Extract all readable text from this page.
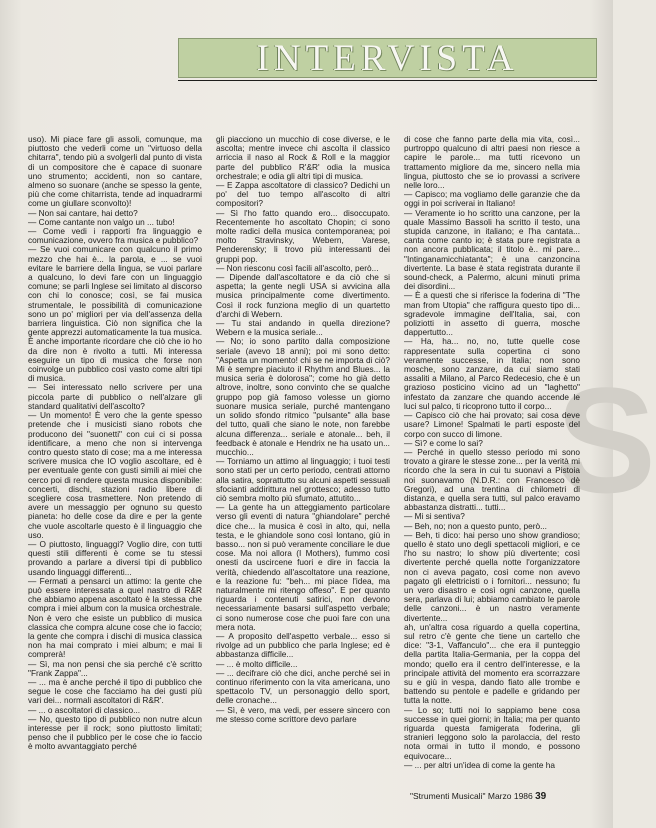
INTERVISTA
S

uso). Mi piace fare gli assoli, comunque, ma piuttosto che vederli come un "virtuoso della chitarra", tendo più a svolgerli dal punto di vista di un compositore che è capace di suonare uno strumento; accidenti, non so cantare, almeno so suonare (anche se spesso la gente, più che come chitarrista, tende ad inquadrarmi come un giullare sconvolto)!

— Non sai cantare, hai detto?

— Come cantante non valgo un ... tubo!

— Come vedi i rapporti fra linguaggio e comunicazione, ovvero fra musica e pubblico?

— Se vuoi comunicare con qualcuno il primo mezzo che hai è... la parola, e ... se vuoi evitare le barriere della lingua, se vuoi parlare a qualcuno, lo devi fare con un linguaggio comune; se parli Inglese sei limitato al discorso con chi lo conosce; così, se fai musica strumentale, le possibilità di comunicazione sono un po' migliori per via dell'assenza della barriera linguistica. Ciò non significa che la gente apprezzi automaticamente la tua musica. È anche importante ricordare che ciò che io ho da dire non è rivolto a tutti. Mi interessa eseguire un tipo di musica che forse non coinvolge un pubblico così vasto come altri tipi di musica.

— Sei interessato nello scrivere per una piccola parte di pubblico o nell'alzare gli standard qualitativi dell'ascolto?

— Un momento! È vero che la gente spesso pretende che i musicisti siano robots che producono dei "suonetti" con cui ci si possa identificare, a meno che non si intervenga contro questo stato di cose; ma a me interessa scrivere musica che IO voglio ascoltare, ed è per eventuale gente con gusti simili ai miei che cerco poi di rendere questa musica disponibile: concerti, dischi, stazioni radio libere di scegliere cosa trasmettere. Non pretendo di avere un messaggio per ognuno su questo pianeta: ho delle cose da dire e per la gente che vuole ascoltarle questo è il linguaggio che uso.

— O piuttosto, linguaggi? Voglio dire, con tutti questi stili differenti è come se tu stessi provando a parlare a diversi tipi di pubblico usando linguaggi differenti...

— Fermati a pensarci un attimo: la gente che può essere interessata a quel nastro di R&R che abbiamo appena ascoltato è la stessa che compra i miei album con la musica orchestrale. Non è vero che esiste un pubblico di musica classica che compra alcune cose che io faccio; la gente che compra i dischi di musica classica non ha mai comprato i miei album; e mai li comprerà!

— Sì, ma non pensi che sia perché c'è scritto "Frank Zappa"...

— ... ma è anche perché il tipo di pubblico che segue le cose che facciamo ha dei gusti più vari dei... normali ascoltatori di R&R'.

— ... o ascoltatori di classico...

— No, questo tipo di pubblico non nutre alcun interesse per il rock; sono piuttosto limitati; penso che il pubblico per le cose che io faccio è molto avvantaggiato perché

gli piacciono un mucchio di cose diverse, e le ascolta; mentre invece chi ascolta il classico arriccia il naso al Rock & Roll e la maggior parte del pubblico R'&R' odia la musica orchestrale; e odia gli altri tipi di musica.

— E Zappa ascoltatore di classico? Dedichi un po' del tuo tempo all'ascolto di altri compositori?

— Sì l'ho fatto quando ero... disoccupato. Recentemente ho ascoltato Chopin; ci sono molte radici della musica contemporanea; poi molto Stravinsky, Webern, Varese, Penderensky; li trovo più interessanti dei gruppi pop.

— Non riesconu così facili all'ascolto, però...

— Dipende dall'ascoltatore e da ciò che si aspetta; la gente negli USA si avvicina alla musica principalmente come divertimento. Così il rock funziona meglio di un quartetto d'archi di Webern.

— Tu stai andando in quella direzione? Webern e la musica seriale...

— No; io sono partito dalla composizione seriale (avevo 18 anni); poi mi sono detto: "Aspetta un momento! chi se ne importa di ciò? Mi è sempre piaciuto il Rhythm and Blues... la musica seria è dolorosa"; come ho già detto altrove, inoltre, sono convinto che se qualche gruppo pop già famoso volesse un giorno suonare musica seriale, purché mantengano un solido sfondo ritmico "pulsante" alla base del tutto, quali che siano le note, non farebbe alcuna differenza... seriale e atonale... beh, il feedback è atonale e Hendrix ne ha usato un... mucchio...

— Torniamo un attimo al linguaggio; i tuoi testi sono stati per un certo periodo, centrati attorno alla satira, soprattutto su alcuni aspetti sessuali sfocianti addirittura nel grottesco; adesso tutto ciò sembra molto più sfumato, attutito...

— La gente ha un atteggiamento particolare verso gli eventi di natura "ghiandolare" perché dice che... la musica è così in alto, qui, nella testa, e le ghiandole sono così lontano, giù in basso... non si può veramente conciliare le due cose. Ma noi allora (I Mothers), fummo così onesti da uscircene fuori e dire in faccia la verità, chiedendo all'ascoltatore una reazione, e la reazione fu: "beh... mi piace l'idea, ma naturalmente mi ritengo offeso". E per quanto riguarda i contenuti satirici, non devono necessariamente basarsi sull'aspetto verbale; ci sono numerose cose che puoi fare con una mera nota.

— A proposito dell'aspetto verbale... esso si rivolge ad un pubblico che parla Inglese; ed è abbastanza difficile...

— ... è molto difficile...

— ... decifrare ciò che dici, anche perché sei in continuo riferimento con la vita americana, uno spettacolo TV, un personaggio dello sport, delle cronache...

— Sì, è vero, ma vedi, per essere sincero con me stesso come scrittore devo parlare

di cose che fanno parte della mia vita, così... purtroppo qualcuno di altri paesi non riesce a capire le parole... ma tutti ricevono un trattamento migliore da me, sincero nella mia lingua, piuttosto che se io provassi a scrivere nelle loro...

— Capisco; ma vogliamo delle garanzie che da oggi in poi scriverai in Italiano!

— Veramente io ho scritto una canzone, per la quale Massimo Bassoli ha scritto il testo, una stupida canzone, in italiano; e l'ha cantata... canta come canto io; è stata pure registrata a non ancora pubblicata; il titolo è.. mi pare... "Intinganamicchiatanta"; è una canzoncina divertente. La base è stata registrata durante il sound-check, a Palermo, alcuni minuti prima dei disordini...

— È a questi che si riferisce la foderina di "The man from Utopia" che raffigura questo tipo di... sgradevole immagine dell'Italia, sai, con poliziotti in assetto di guerra, mosche dappertutto...

— Ha, ha... no, no, tutte quelle cose rappresentate sulla copertina ci sono veramente successe, in Italia; non sono mosche, sono zanzare, da cui siamo stati assaliti a Milano, al Parco Redecesio, che è un grazioso posticino vicino ad un "laghetto" infestato da zanzare che quando accende le luci sul palco, ti ricoprono tutto il corpo...

— Capisco ciò che hai provato; sai cosa deve usare? Limone! Spalmati le parti esposte del corpo con succo di limone.

— Sì? e come lo sai?

— Perché in quello stesso periodo mi sono trovato a girare le stesse zone... per la verità mi ricordo che la sera in cui tu suonavi a Pistoia noi suonavamo (N.D.R.: con Francesco dè Gregori), ad una trentina di chilometri di distanza, e quella sera tutti, sul palco eravamo abbastanza distratti... tutti...

— Mi si sentiva?

— Beh, no; non a questo punto, però...

— Beh, ti dico: hai perso uno show grandioso; quello è stato uno degli spettacoli migliori, e ce l'ho su nastro; lo show più divertente; così divertente perché quella notte l'organizzatore non ci aveva pagato, così come non avevo pagato gli elettricisti o i fornitori... nessuno; fu un vero disastro e così ogni canzone, quella sera, parlava di lui; abbiamo cambiato le parole delle canzoni... è un nastro veramente divertente...

ah, un'altra cosa riguardo a quella copertina, sul retro c'è gente che tiene un cartello che dice: "3-1, Vaffanculo"... che era il punteggio della partita Italia-Germania, per la coppa del mondo; quello era il centro dell'interesse, e la principale attività del momento era scorrazzare su e giù in vespa, dando fiato alle trombe e battendo su pentole e padelle e gridando per tutta la notte.

— Lo so; tutti noi lo sappiamo bene cosa successe in quei giorni; in Italia; ma per quanto riguarda questa famigerata foderina, gli stranieri leggono solo la parolaccia, del resto nota ormai in tutto il mondo, e possono equivocare...

— ... per altri un'idea di come la gente ha

"Strumenti Musicali" Marzo 1986 39
